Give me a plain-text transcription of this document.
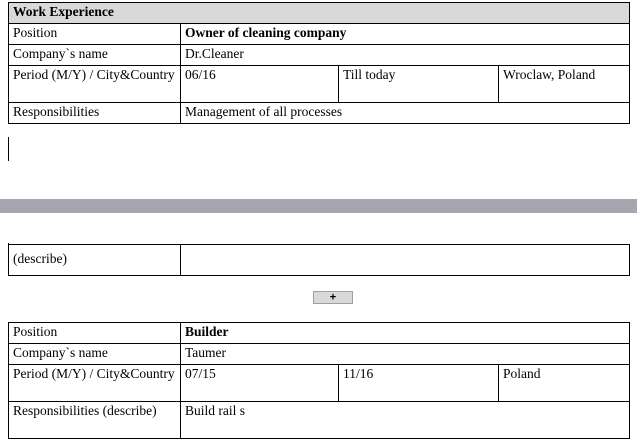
Work Experience			
Position	Owner of cleaning company		
Company`s name	Dr.Cleaner		
Period (M/Y) / City&Country	06/16	Till today	Wroclaw, Poland
Responsibilities	Management of all processes		
(describe)	
+
Position	Builder		
Company`s name	Taumer		
Period (M/Y) / City&Country	07/15	11/16	Poland
Responsibilities (describe)	Build rail s		
